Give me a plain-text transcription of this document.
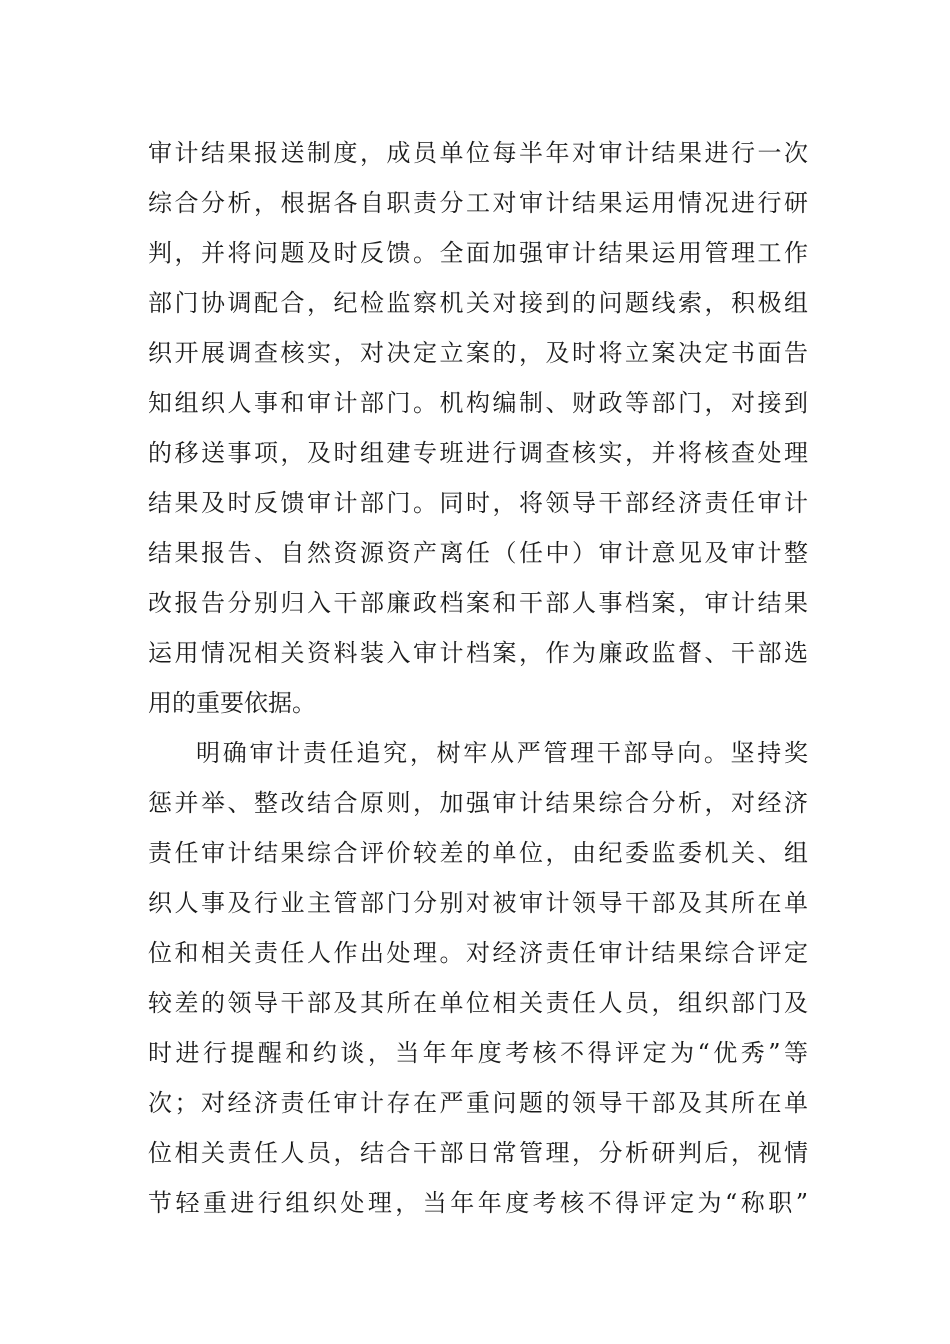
审计结果报送制度，成员单位每半年对审计结果进行一次
综合分析，根据各自职责分工对审计结果运用情况进行研
判，并将问题及时反馈。全面加强审计结果运用管理工作
部门协调配合，纪检监察机关对接到的问题线索，积极组
织开展调查核实，对决定立案的，及时将立案决定书面告
知组织人事和审计部门。机构编制、财政等部门，对接到
的移送事项，及时组建专班进行调查核实，并将核查处理
结果及时反馈审计部门。同时，将领导干部经济责任审计
结果报告、自然资源资产离任（任中）审计意见及审计整
改报告分别归入干部廉政档案和干部人事档案，审计结果
运用情况相关资料装入审计档案，作为廉政监督、干部选
用的重要依据。
明确审计责任追究，树牢从严管理干部导向。坚持奖
惩并举、整改结合原则，加强审计结果综合分析，对经济
责任审计结果综合评价较差的单位，由纪委监委机关、组
织人事及行业主管部门分别对被审计领导干部及其所在单
位和相关责任人作出处理。对经济责任审计结果综合评定
较差的领导干部及其所在单位相关责任人员，组织部门及
时进行提醒和约谈，当年年度考核不得评定为“优秀”等
次；对经济责任审计存在严重问题的领导干部及其所在单
位相关责任人员，结合干部日常管理，分析研判后，视情
节轻重进行组织处理，当年年度考核不得评定为“称职”
